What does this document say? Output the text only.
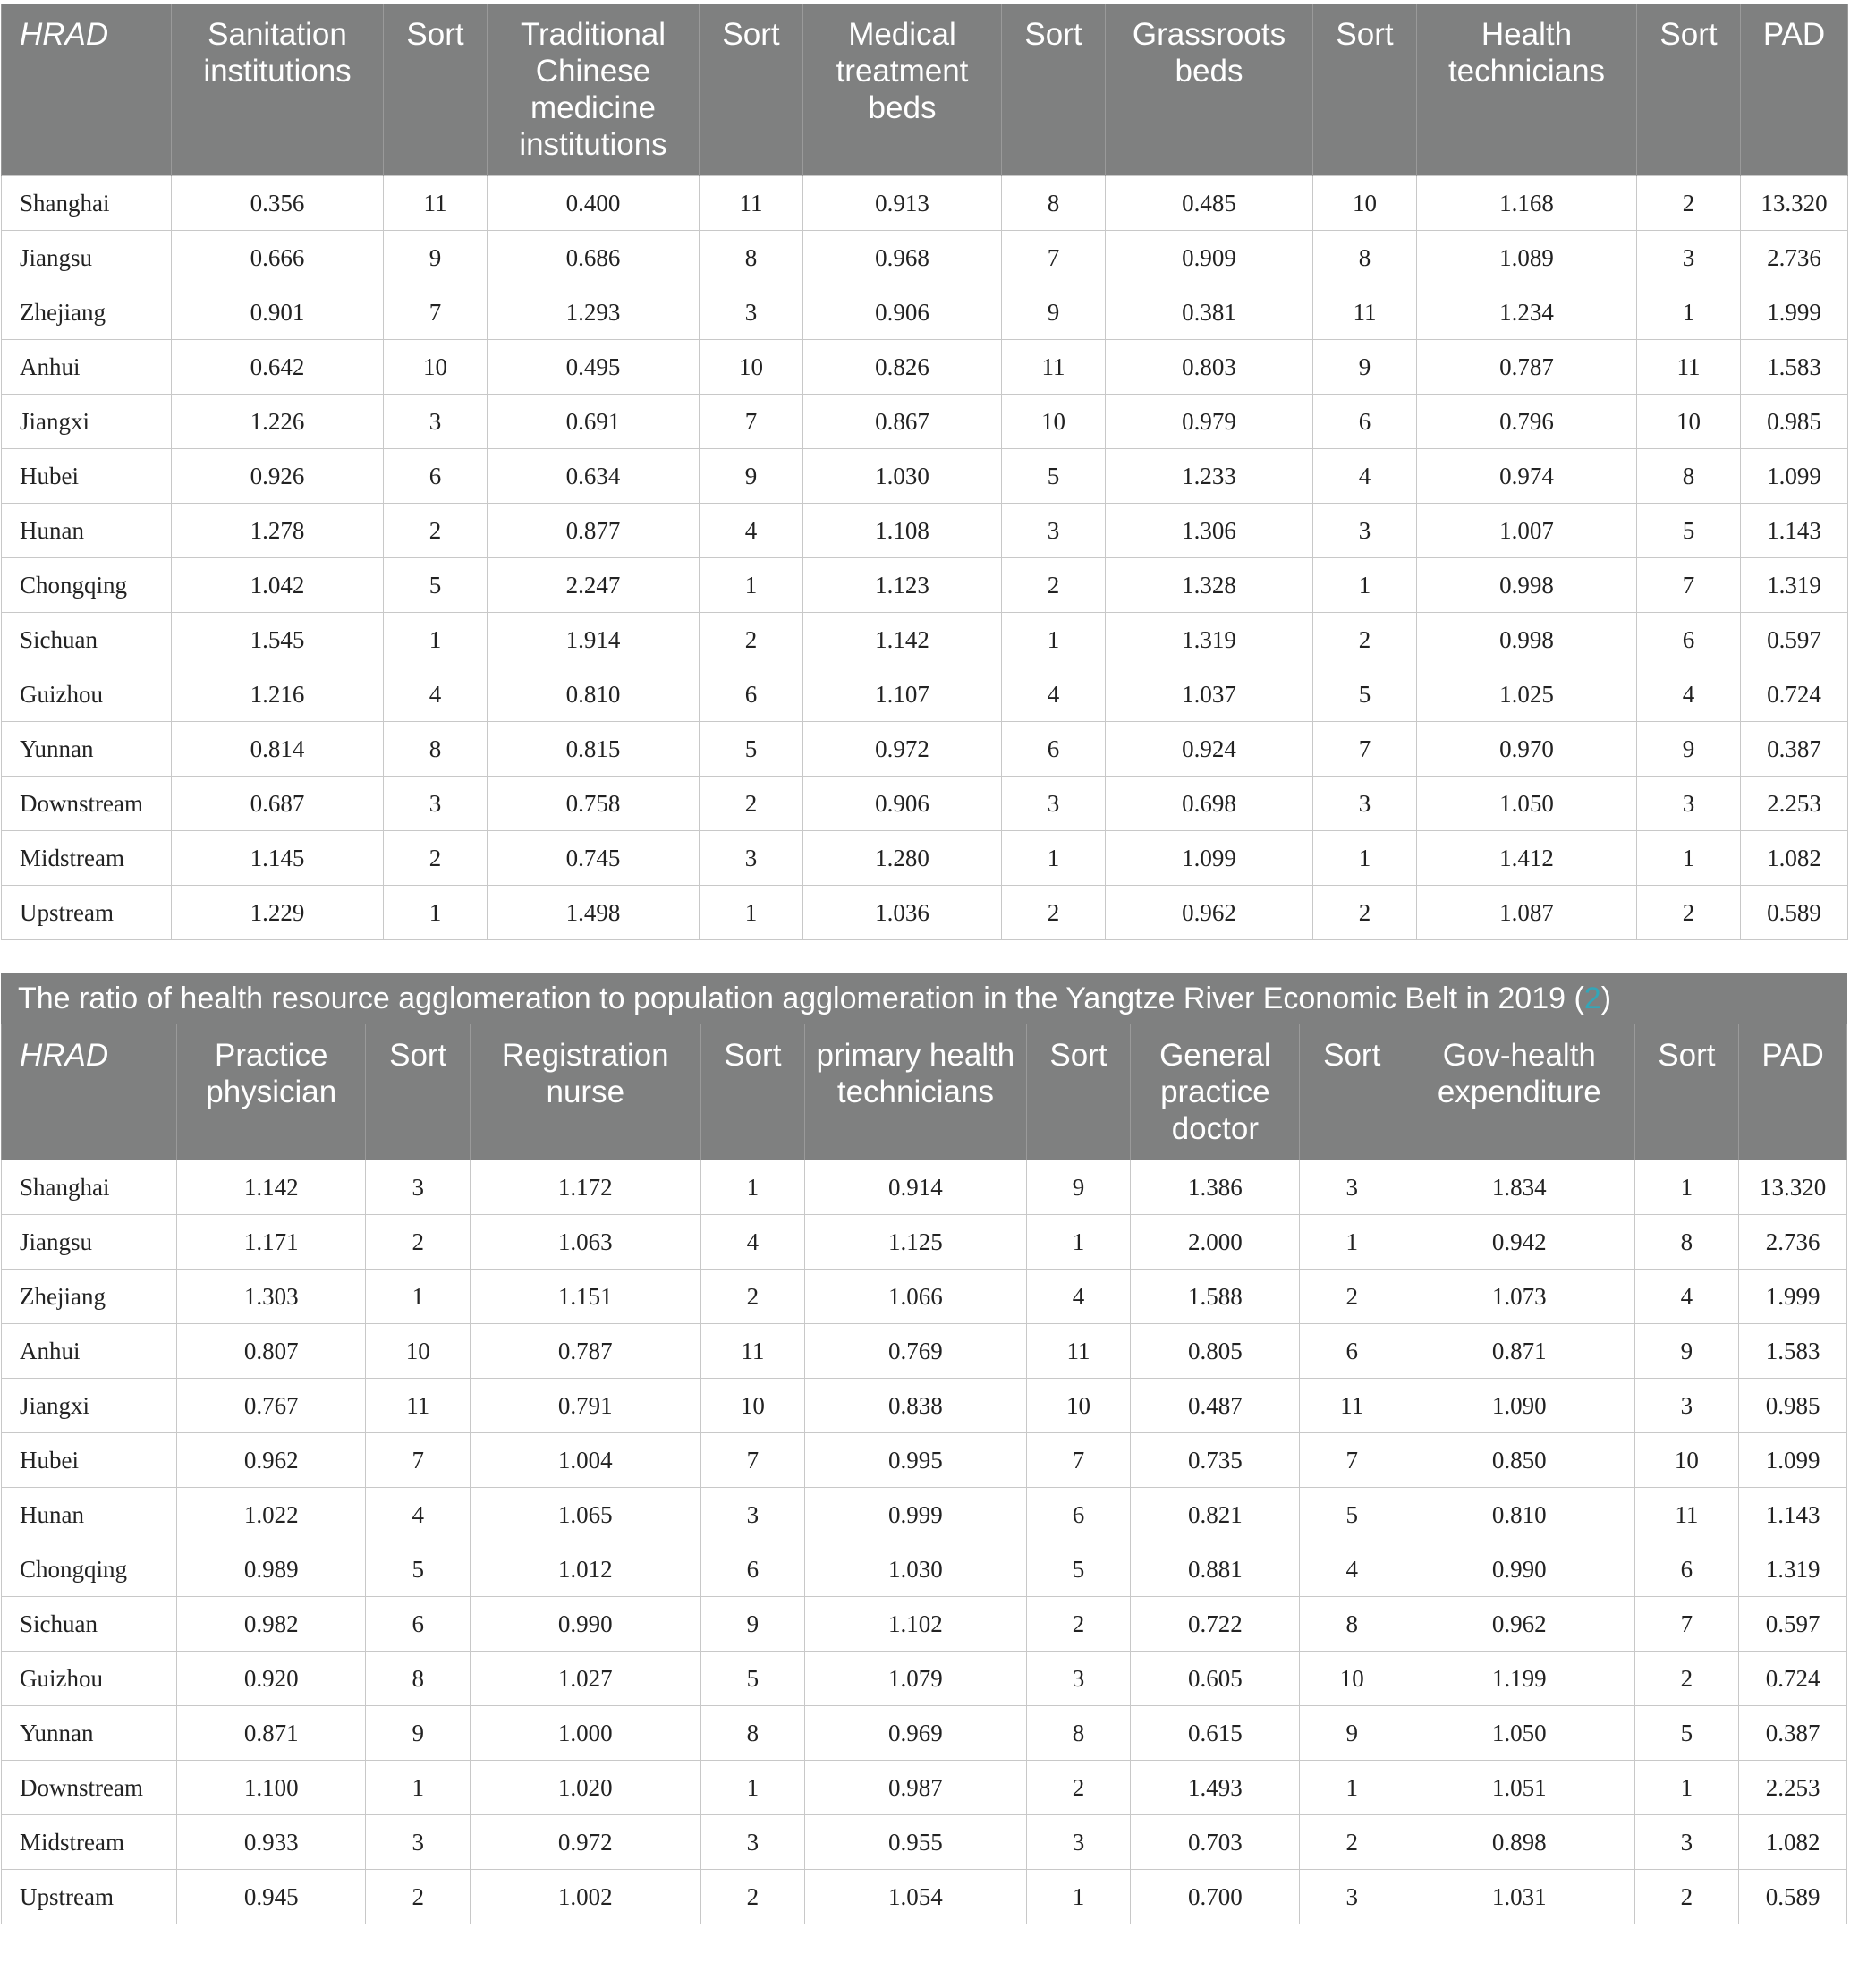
HRAD	Sanitation institutions	Sort	Traditional Chinese medicine institutions	Sort	Medical treatment beds	Sort	Grassroots beds	Sort	Health technicians	Sort	PAD
Shanghai	0.356	11	0.400	11	0.913	8	0.485	10	1.168	2	13.320
Jiangsu	0.666	9	0.686	8	0.968	7	0.909	8	1.089	3	2.736
Zhejiang	0.901	7	1.293	3	0.906	9	0.381	11	1.234	1	1.999
Anhui	0.642	10	0.495	10	0.826	11	0.803	9	0.787	11	1.583
Jiangxi	1.226	3	0.691	7	0.867	10	0.979	6	0.796	10	0.985
Hubei	0.926	6	0.634	9	1.030	5	1.233	4	0.974	8	1.099
Hunan	1.278	2	0.877	4	1.108	3	1.306	3	1.007	5	1.143
Chongqing	1.042	5	2.247	1	1.123	2	1.328	1	0.998	7	1.319
Sichuan	1.545	1	1.914	2	1.142	1	1.319	2	0.998	6	0.597
Guizhou	1.216	4	0.810	6	1.107	4	1.037	5	1.025	4	0.724
Yunnan	0.814	8	0.815	5	0.972	6	0.924	7	0.970	9	0.387
Downstream	0.687	3	0.758	2	0.906	3	0.698	3	1.050	3	2.253
Midstream	1.145	2	0.745	3	1.280	1	1.099	1	1.412	1	1.082
Upstream	1.229	1	1.498	1	1.036	2	0.962	2	1.087	2	0.589
The ratio of health resource agglomeration to population agglomeration in the Yangtze River Economic Belt in 2019 (2)
HRAD	Practice physician	Sort	Registration nurse	Sort	primary health technicians	Sort	General practice doctor	Sort	Gov-health expenditure	Sort	PAD
Shanghai	1.142	3	1.172	1	0.914	9	1.386	3	1.834	1	13.320
Jiangsu	1.171	2	1.063	4	1.125	1	2.000	1	0.942	8	2.736
Zhejiang	1.303	1	1.151	2	1.066	4	1.588	2	1.073	4	1.999
Anhui	0.807	10	0.787	11	0.769	11	0.805	6	0.871	9	1.583
Jiangxi	0.767	11	0.791	10	0.838	10	0.487	11	1.090	3	0.985
Hubei	0.962	7	1.004	7	0.995	7	0.735	7	0.850	10	1.099
Hunan	1.022	4	1.065	3	0.999	6	0.821	5	0.810	11	1.143
Chongqing	0.989	5	1.012	6	1.030	5	0.881	4	0.990	6	1.319
Sichuan	0.982	6	0.990	9	1.102	2	0.722	8	0.962	7	0.597
Guizhou	0.920	8	1.027	5	1.079	3	0.605	10	1.199	2	0.724
Yunnan	0.871	9	1.000	8	0.969	8	0.615	9	1.050	5	0.387
Downstream	1.100	1	1.020	1	0.987	2	1.493	1	1.051	1	2.253
Midstream	0.933	3	0.972	3	0.955	3	0.703	2	0.898	3	1.082
Upstream	0.945	2	1.002	2	1.054	1	0.700	3	1.031	2	0.589
